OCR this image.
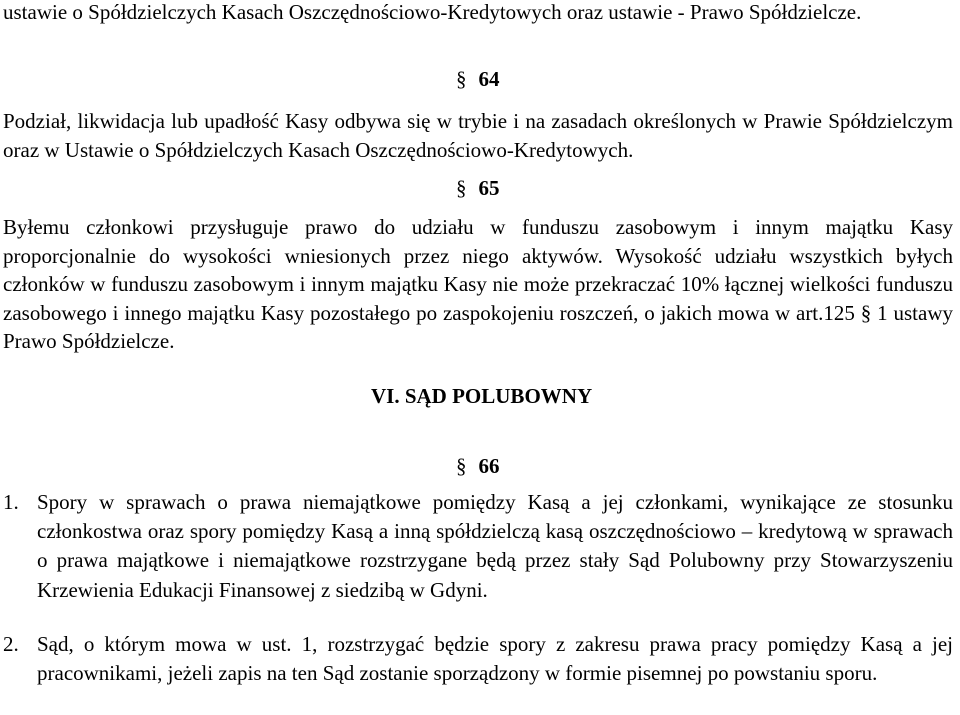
ustawie o Spółdzielczych Kasach Oszczędnościowo-Kredytowych oraz ustawie - Prawo Spółdzielcze.

§ 64

Podział, likwidacja lub upadłość Kasy odbywa się w trybie i na zasadach określonych w Prawie Spółdzielczym oraz w Ustawie o Spółdzielczych Kasach Oszczędnościowo-Kredytowych.

§ 65

Byłemu członkowi przysługuje prawo do udziału w funduszu zasobowym i innym majątku Kasy proporcjonalnie do wysokości wniesionych przez niego aktywów. Wysokość udziału wszystkich byłych członków w funduszu zasobowym i innym majątku Kasy nie może przekraczać 10% łącznej wielkości funduszu zasobowego i innego majątku Kasy pozostałego po zaspokojeniu roszczeń, o jakich mowa w art.125 § 1 ustawy Prawo Spółdzielcze.

VI. SĄD POLUBOWNY
§ 66
1. Spory w sprawach o prawa niemajątkowe pomiędzy Kasą a jej członkami, wynikające ze stosunku członkostwa oraz spory pomiędzy Kasą a inną spółdzielczą kasą oszczędnościowo – kredytową w sprawach o prawa majątkowe i niemajątkowe rozstrzygane będą przez stały Sąd Polubowny przy Stowarzyszeniu Krzewienia Edukacji Finansowej z siedzibą w Gdyni.

2. Sąd, o którym mowa w ust. 1, rozstrzygać będzie spory z zakresu prawa pracy pomiędzy Kasą a jej pracownikami, jeżeli zapis na ten Sąd zostanie sporządzony w formie pisemnej po powstaniu sporu.
